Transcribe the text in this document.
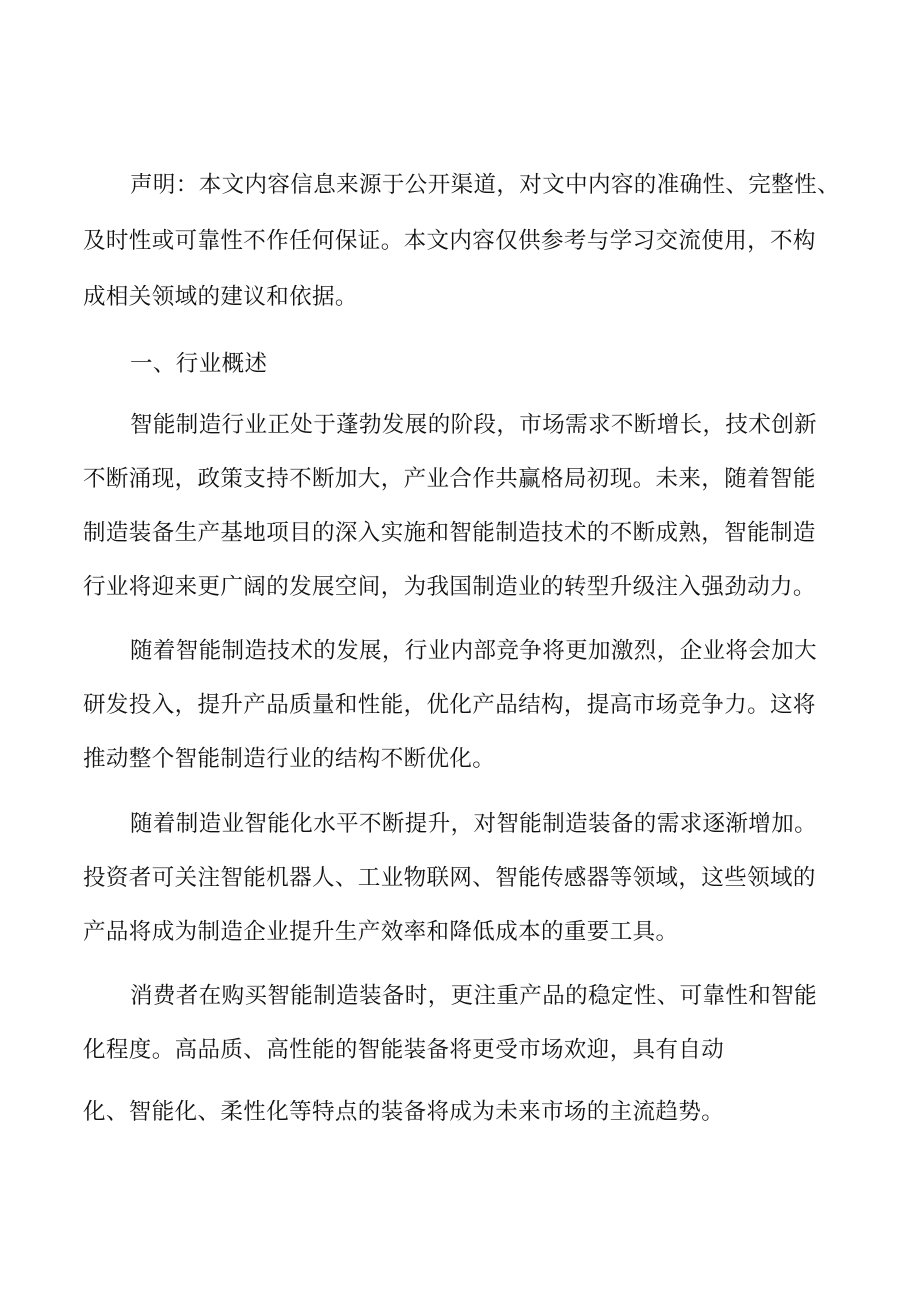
声明：本文内容信息来源于公开渠道，对文中内容的准确性、完整性、
及时性或可靠性不作任何保证。本文内容仅供参考与学习交流使用，不构
成相关领域的建议和依据。
一、行业概述
智能制造行业正处于蓬勃发展的阶段，市场需求不断增长，技术创新
不断涌现，政策支持不断加大，产业合作共赢格局初现。未来，随着智能
制造装备生产基地项目的深入实施和智能制造技术的不断成熟，智能制造
行业将迎来更广阔的发展空间，为我国制造业的转型升级注入强劲动力。
随着智能制造技术的发展，行业内部竞争将更加激烈，企业将会加大
研发投入，提升产品质量和性能，优化产品结构，提高市场竞争力。这将
推动整个智能制造行业的结构不断优化。
随着制造业智能化水平不断提升，对智能制造装备的需求逐渐增加。
投资者可关注智能机器人、工业物联网、智能传感器等领域，这些领域的
产品将成为制造企业提升生产效率和降低成本的重要工具。
消费者在购买智能制造装备时，更注重产品的稳定性、可靠性和智能
化程度。高品质、高性能的智能装备将更受市场欢迎，具有自动
化、智能化、柔性化等特点的装备将成为未来市场的主流趋势。
